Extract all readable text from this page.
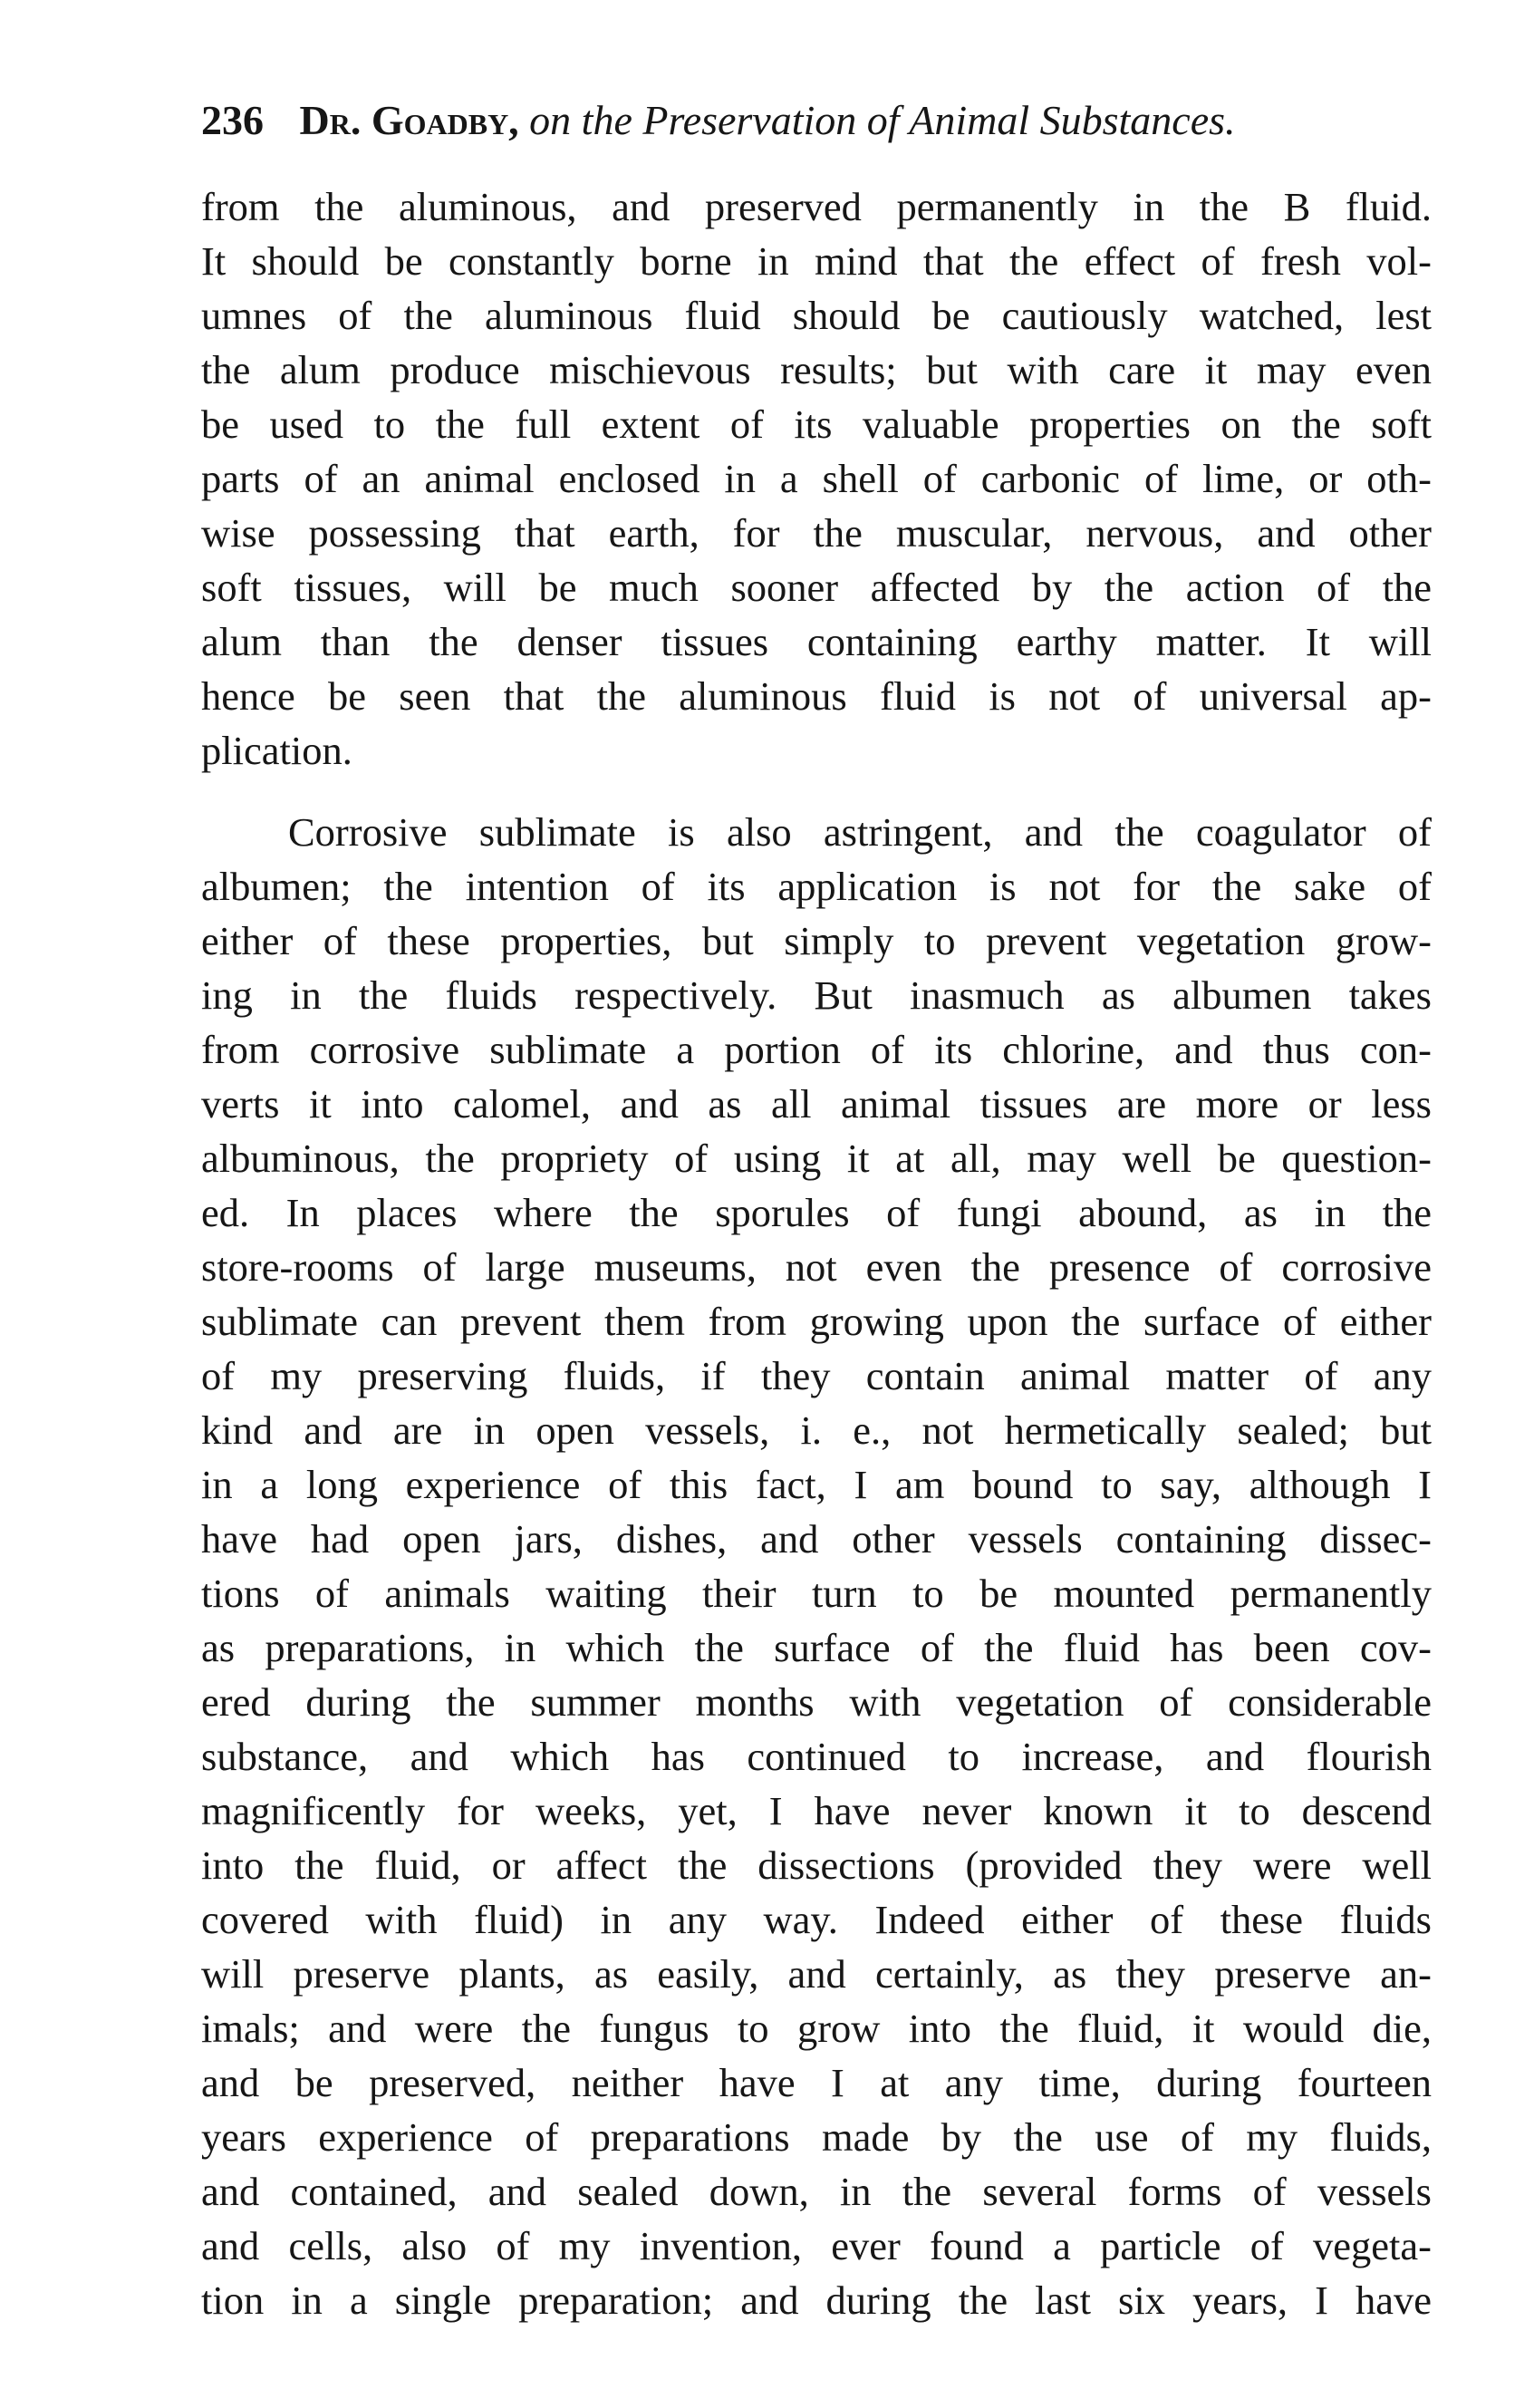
236 Dr. Goadby, on the Preservation of Animal Substances.
from the aluminous, and preserved permanently in the B fluid.
It should be constantly borne in mind that the effect of fresh vol-
umnes of the aluminous fluid should be cautiously watched, lest
the alum produce mischievous results; but with care it may even
be used to the full extent of its valuable properties on the soft
parts of an animal enclosed in a shell of carbonic of lime, or oth-
wise possessing that earth, for the muscular, nervous, and other
soft tissues, will be much sooner affected by the action of the
alum than the denser tissues containing earthy matter. It will
hence be seen that the aluminous fluid is not of universal ap-
plication.
Corrosive sublimate is also astringent, and the coagulator of
albumen; the intention of its application is not for the sake of
either of these properties, but simply to prevent vegetation grow-
ing in the fluids respectively. But inasmuch as albumen takes
from corrosive sublimate a portion of its chlorine, and thus con-
verts it into calomel, and as all animal tissues are more or less
albuminous, the propriety of using it at all, may well be question-
ed. In places where the sporules of fungi abound, as in the
store-rooms of large museums, not even the presence of corrosive
sublimate can prevent them from growing upon the surface of either
of my preserving fluids, if they contain animal matter of any
kind and are in open vessels, i. e., not hermetically sealed; but
in a long experience of this fact, I am bound to say, although I
have had open jars, dishes, and other vessels containing dissec-
tions of animals waiting their turn to be mounted permanently
as preparations, in which the surface of the fluid has been cov-
ered during the summer months with vegetation of considerable
substance, and which has continued to increase, and flourish
magnificently for weeks, yet, I have never known it to descend
into the fluid, or affect the dissections (provided they were well
covered with fluid) in any way. Indeed either of these fluids
will preserve plants, as easily, and certainly, as they preserve an-
imals; and were the fungus to grow into the fluid, it would die,
and be preserved, neither have I at any time, during fourteen
years experience of preparations made by the use of my fluids,
and contained, and sealed down, in the several forms of vessels
and cells, also of my invention, ever found a particle of vegeta-
tion in a single preparation; and during the last six years, I have
